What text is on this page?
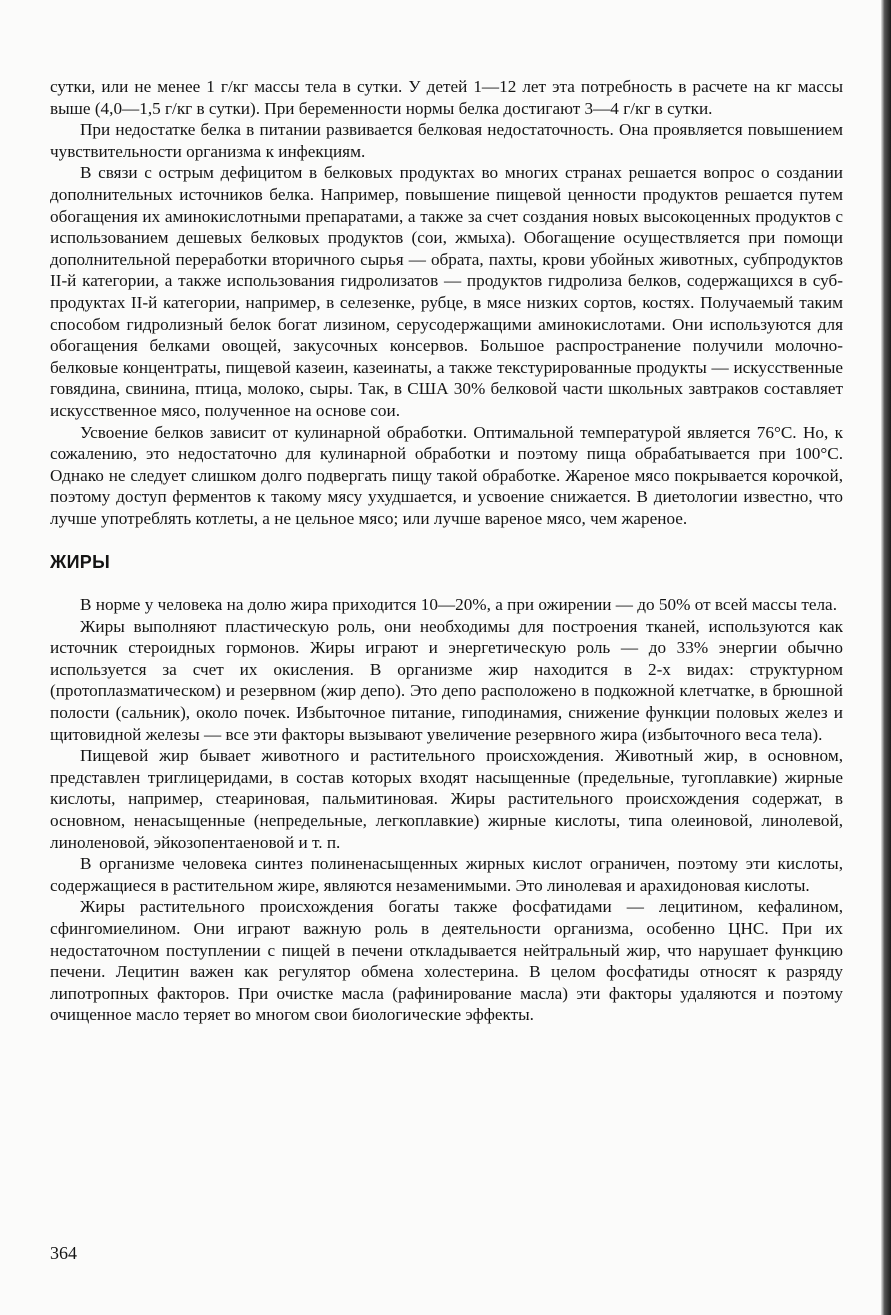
сутки, или не менее 1 г/кг массы тела в сутки. У детей 1—12 лет эта потребность в расчете на кг массы выше (4,0—1,5 г/кг в сутки). При беременности нормы белка достигают 3—4 г/кг в сутки.

При недостатке белка в питании развивается белковая недостаточность. Она проявляется повышением чувствительности организма к инфекциям.

В связи с острым дефицитом в белковых продуктах во многих странах решается вопрос о создании дополнительных источников белка. Например, повышение пищевой ценности продуктов решается путем обогащения их аминокислотными препаратами, а также за счет создания новых высокоценных продуктов с использованием дешевых белковых продуктов (сои, жмыха). Обогащение осуществляется при помощи дополнительной переработки вторичного сырья — обрата, пахты, крови убойных животных, субпродуктов II-й категории, а также использования гидролизатов — продуктов гидролиза белков, содержащихся в субпродуктах II-й категории, например, в селезенке, рубце, в мясе низких сортов, костях. Получаемый таким способом гидролизный белок богат лизином, серусодержащими аминокислотами. Они используются для обогащения белками овощей, закусочных консервов. Большое распространение получили молочно-белковые концентраты, пищевой казеин, казеинаты, а также текстурированные продукты — искусственные говядина, свинина, птица, молоко, сыры. Так, в США 30% белковой части школьных завтраков составляет искусственное мясо, полученное на основе сои.

Усвоение белков зависит от кулинарной обработки. Оптимальной температурой является 76°С. Но, к сожалению, это недостаточно для кулинарной обработки и поэтому пища обрабатывается при 100°С. Однако не следует слишком долго подвергать пищу такой обработке. Жареное мясо покрывается корочкой, поэтому доступ ферментов к такому мясу ухудшается, и усвоение снижается. В диетологии известно, что лучше употреблять котлеты, а не цельное мясо; или лучше вареное мясо, чем жареное.

ЖИРЫ

В норме у человека на долю жира приходится 10—20%, а при ожирении — до 50% от всей массы тела.

Жиры выполняют пластическую роль, они необходимы для построения тканей, используются как источник стероидных гормонов. Жиры играют и энергетическую роль — до 33% энергии обычно используется за счет их окисления. В организме жир находится в 2-х видах: структурном (протоплазматическом) и резервном (жир депо). Это депо расположено в подкожной клетчатке, в брюшной полости (сальник), около почек. Избыточное питание, гиподинамия, снижение функции половых желез и щитовидной железы — все эти факторы вызывают увеличение резервного жира (избыточного веса тела).

Пищевой жир бывает животного и растительного происхождения. Животный жир, в основном, представлен триглицеридами, в состав которых входят насыщенные (предельные, тугоплавкие) жирные кислоты, например, стеариновая, пальмитиновая. Жиры растительного происхождения содержат, в основном, ненасыщенные (непредельные, легкоплавкие) жирные кислоты, типа олеиновой, линолевой, линоленовой, эйкозопентаеновой и т. п.

В организме человека синтез полиненасыщенных жирных кислот ограничен, поэтому эти кислоты, содержащиеся в растительном жире, являются незаменимыми. Это линолевая и арахидоновая кислоты.

Жиры растительного происхождения богаты также фосфатидами — лецитином, кефалином, сфингомиелином. Они играют важную роль в деятельности организма, особенно ЦНС. При их недостаточном поступлении с пищей в печени откладывается нейтральный жир, что нарушает функцию печени. Лецитин важен как регулятор обмена холестерина. В целом фосфатиды относят к разряду липотропных факторов. При очистке масла (рафинирование масла) эти факторы удаляются и поэтому очищенное масло теряет во многом свои биологические эффекты.

364
